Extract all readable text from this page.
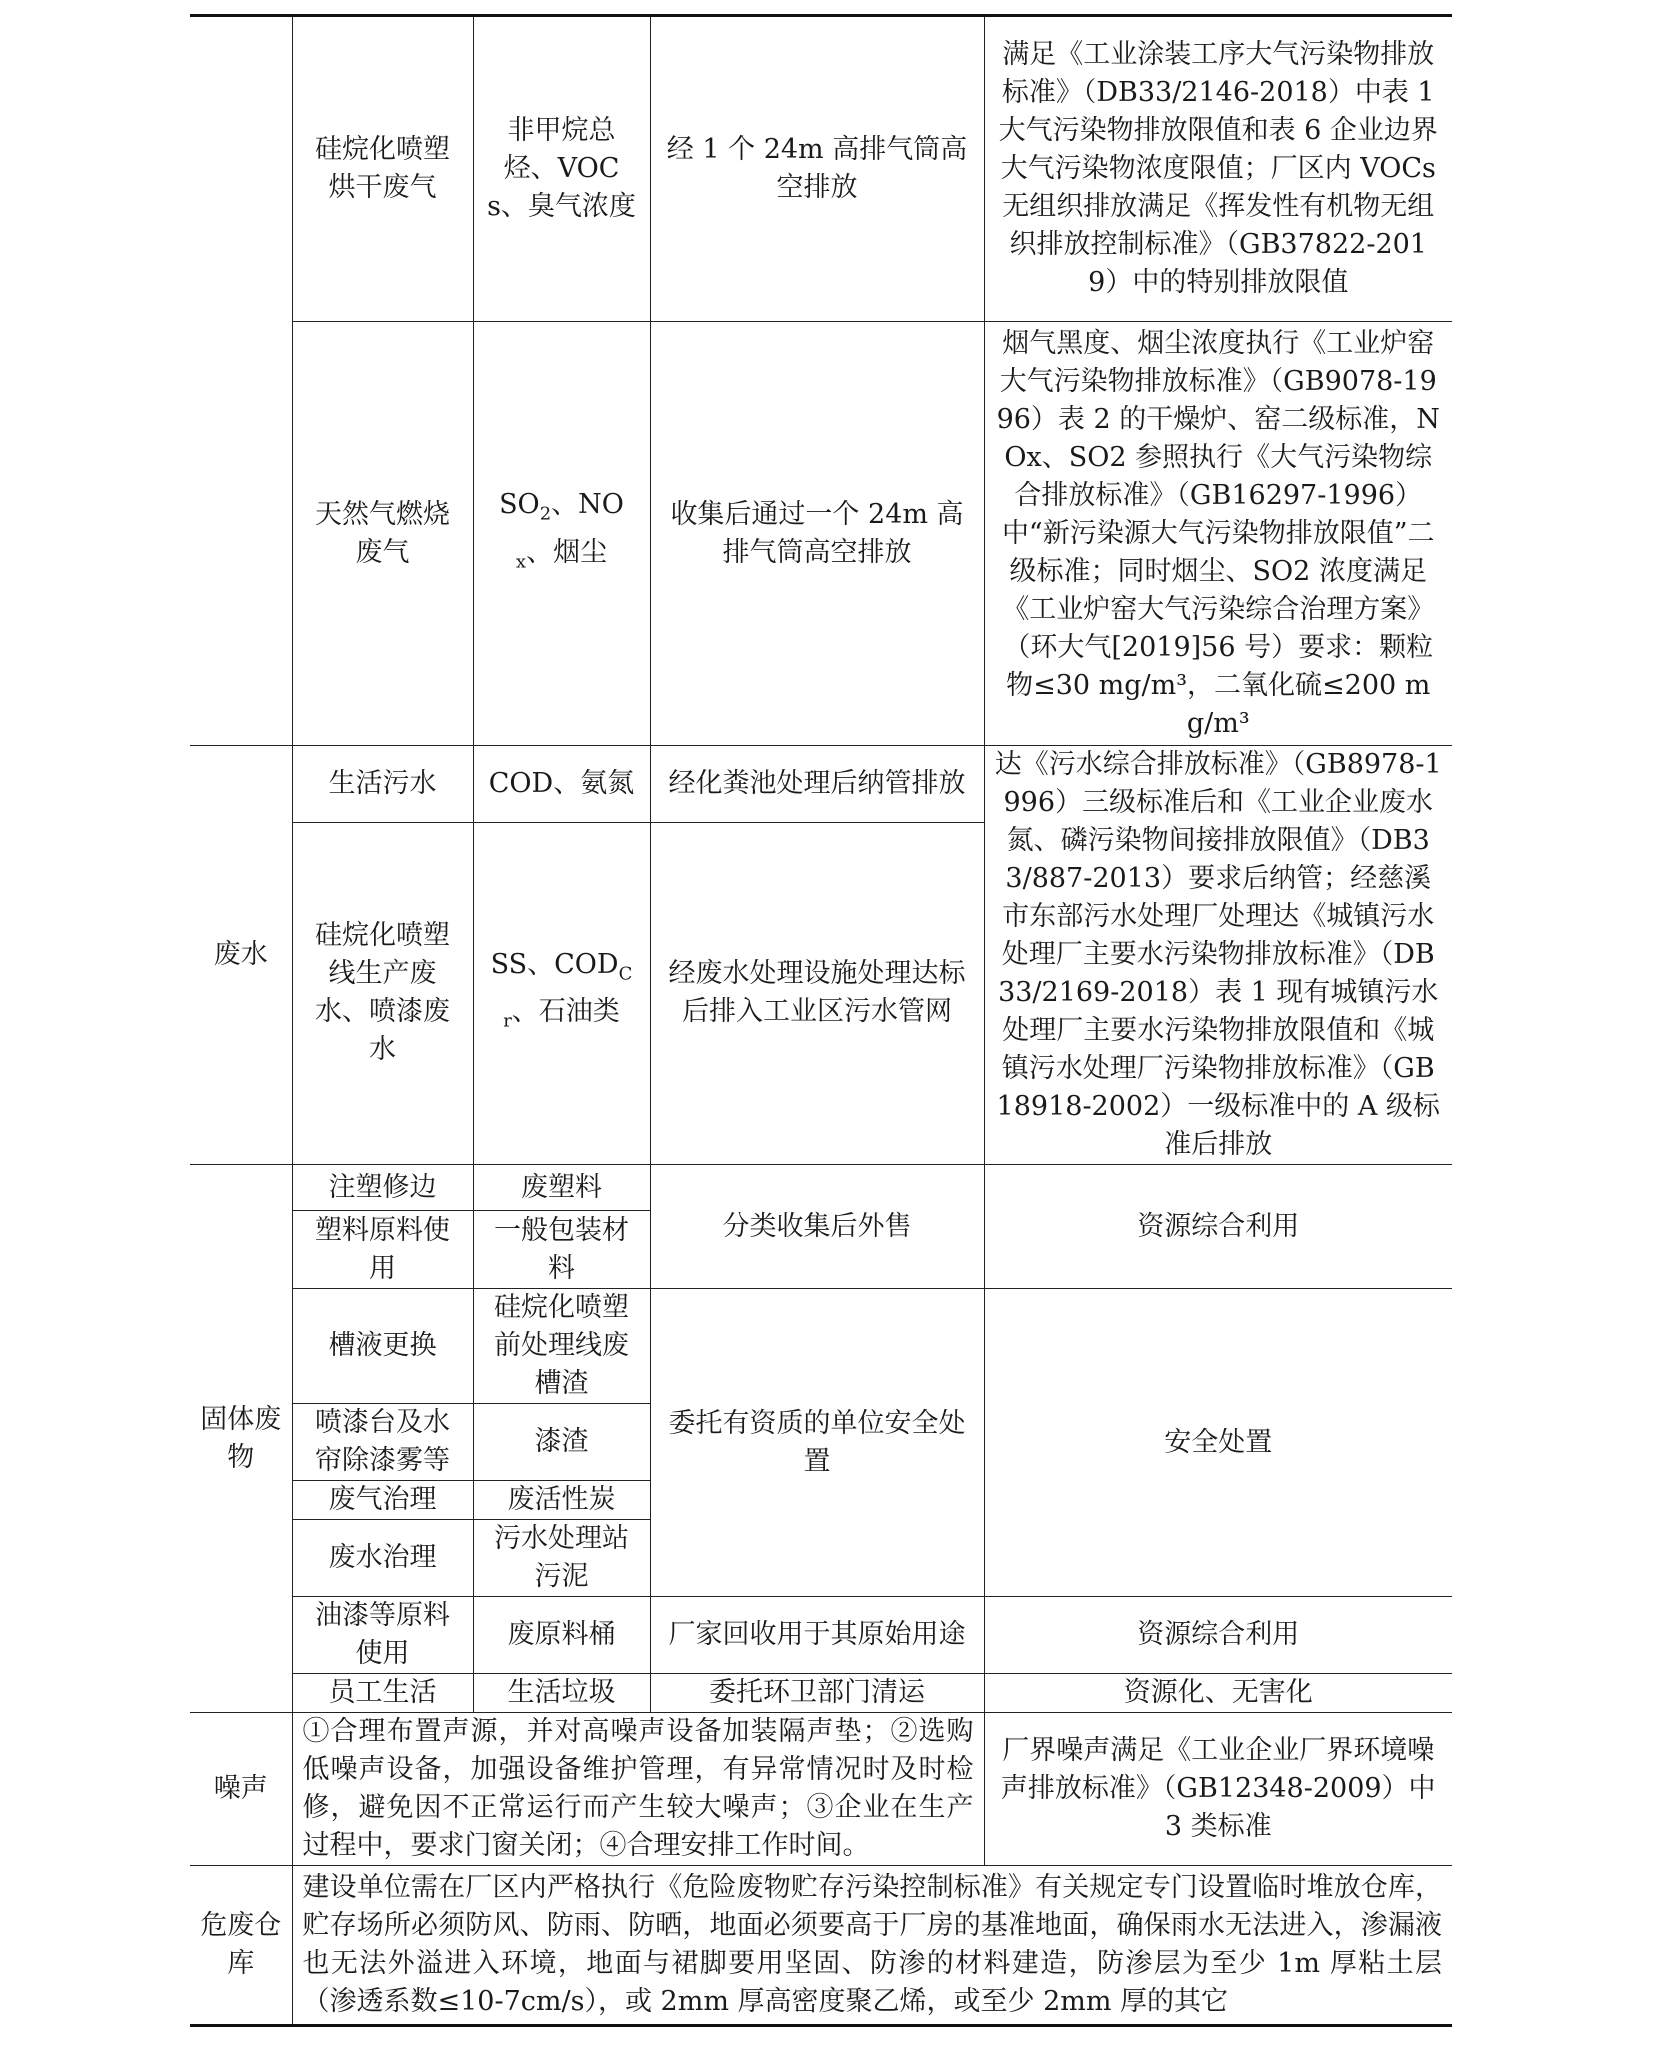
	硅烷化喷塑烘干废气	非甲烷总烃、VOCs、臭气浓度	经 1 个 24m 高排气筒高空排放	满足《工业涂装工序大气污染物排放标准》（DB33/2146-2018）中表 1 大气污染物排放限值和表 6 企业边界大气污染物浓度限值；厂区内 VOCs 无组织排放满足《挥发性有机物无组织排放控制标准》（GB37822-2019）中的特别排放限值
	天然气燃烧废气	$SO_2$、$NO_x$、烟尘	收集后通过一个 24m 高排气筒高空排放	烟气黑度、烟尘浓度执行《工业炉窑大气污染物排放标准》（GB9078-1996）表 2 的干燥炉、窑二级标准，NOx、SO2 参照执行《大气污染物综合排放标准》（GB16297-1996）中“新污染源大气污染物排放限值”二级标准；同时烟尘、SO2 浓度满足《工业炉窑大气污染综合治理方案》（环大气[2019]56 号）要求：颗粒物≤30 mg/m³，二氧化硫≤200 mg/m³
废水	生活污水	COD、氨氮	经化粪池处理后纳管排放	达《污水综合排放标准》（GB8978-1996）三级标准后和《工业企业废水氮、磷污染物间接排放限值》（DB33/887-2013）要求后纳管；经慈溪市东部污水处理厂处理达《城镇污水处理厂主要水污染物排放标准》（DB33/2169-2018）表 1 现有城镇污水处理厂主要水污染物排放限值和《城镇污水处理厂污染物排放标准》（GB18918-2002）一级标准中的 A 级标准后排放
	硅烷化喷塑线生产废水、喷漆废水	SS、$COD_{Cr}$、石油类	经废水处理设施处理达标后排入工业区污水管网	
固体废物	注塑修边	废塑料	分类收集后外售	资源综合利用
	塑料原料使用	一般包装材料		
	槽液更换	硅烷化喷塑前处理线废槽渣	委托有资质的单位安全处置	安全处置
	喷漆台及水帘除漆雾等	漆渣		
	废气治理	废活性炭		
	废水治理	污水处理站污泥		
	油漆等原料使用	废原料桶	厂家回收用于其原始用途	资源综合利用
	员工生活	生活垃圾	委托环卫部门清运	资源化、无害化
噪声	①合理布置声源，并对高噪声设备加装隔声垫；②选购低噪声设备，加强设备维护管理，有异常情况时及时检修，避免因不正常运行而产生较大噪声；③企业在生产过程中，要求门窗关闭；④合理安排工作时间。			厂界噪声满足《工业企业厂界环境噪声排放标准》（GB12348-2009）中 3 类标准
危废仓库	建设单位需在厂区内严格执行《危险废物贮存污染控制标准》有关规定专门设置临时堆放仓库，贮存场所必须防风、防雨、防晒，地面必须要高于厂房的基准地面，确保雨水无法进入，渗漏液也无法外溢进入环境，地面与裙脚要用坚固、防渗的材料建造，防渗层为至少 1m 厚粘土层（渗透系数≤10-7cm/s），或 2mm 厚高密度聚乙烯，或至少 2mm 厚的其它			
